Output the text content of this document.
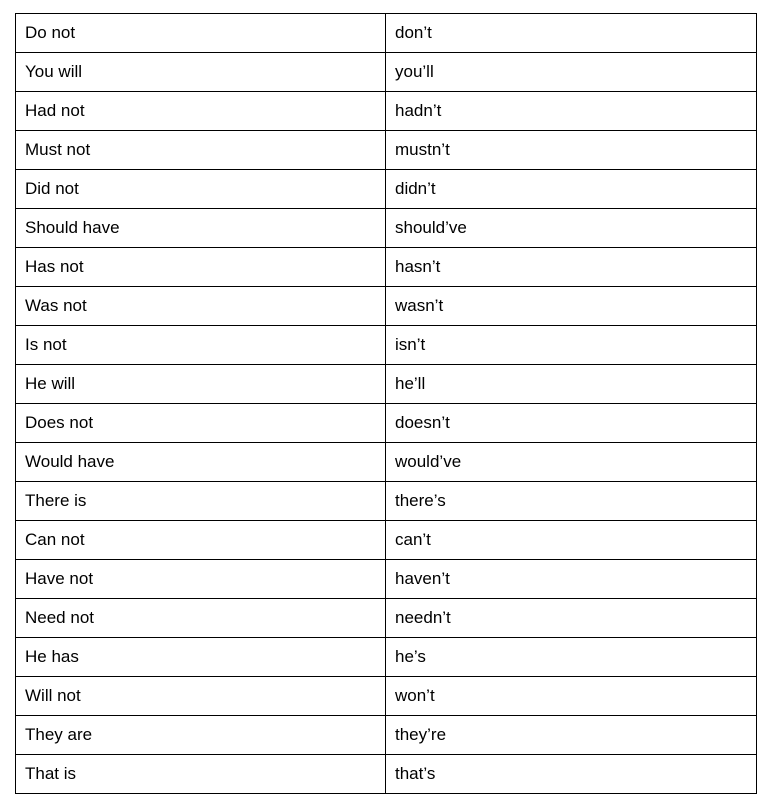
Do not	don’t
You will	you’ll
Had not	hadn’t
Must not	mustn’t
Did not	didn’t
Should have	should’ve
Has not	hasn’t
Was not	wasn’t
Is not	isn’t
He will	he’ll
Does not	doesn’t
Would have	would’ve
There is	there’s
Can not	can’t
Have not	haven’t
Need not	needn’t
He has	he’s
Will not	won’t
They are	they’re
That is	that’s
